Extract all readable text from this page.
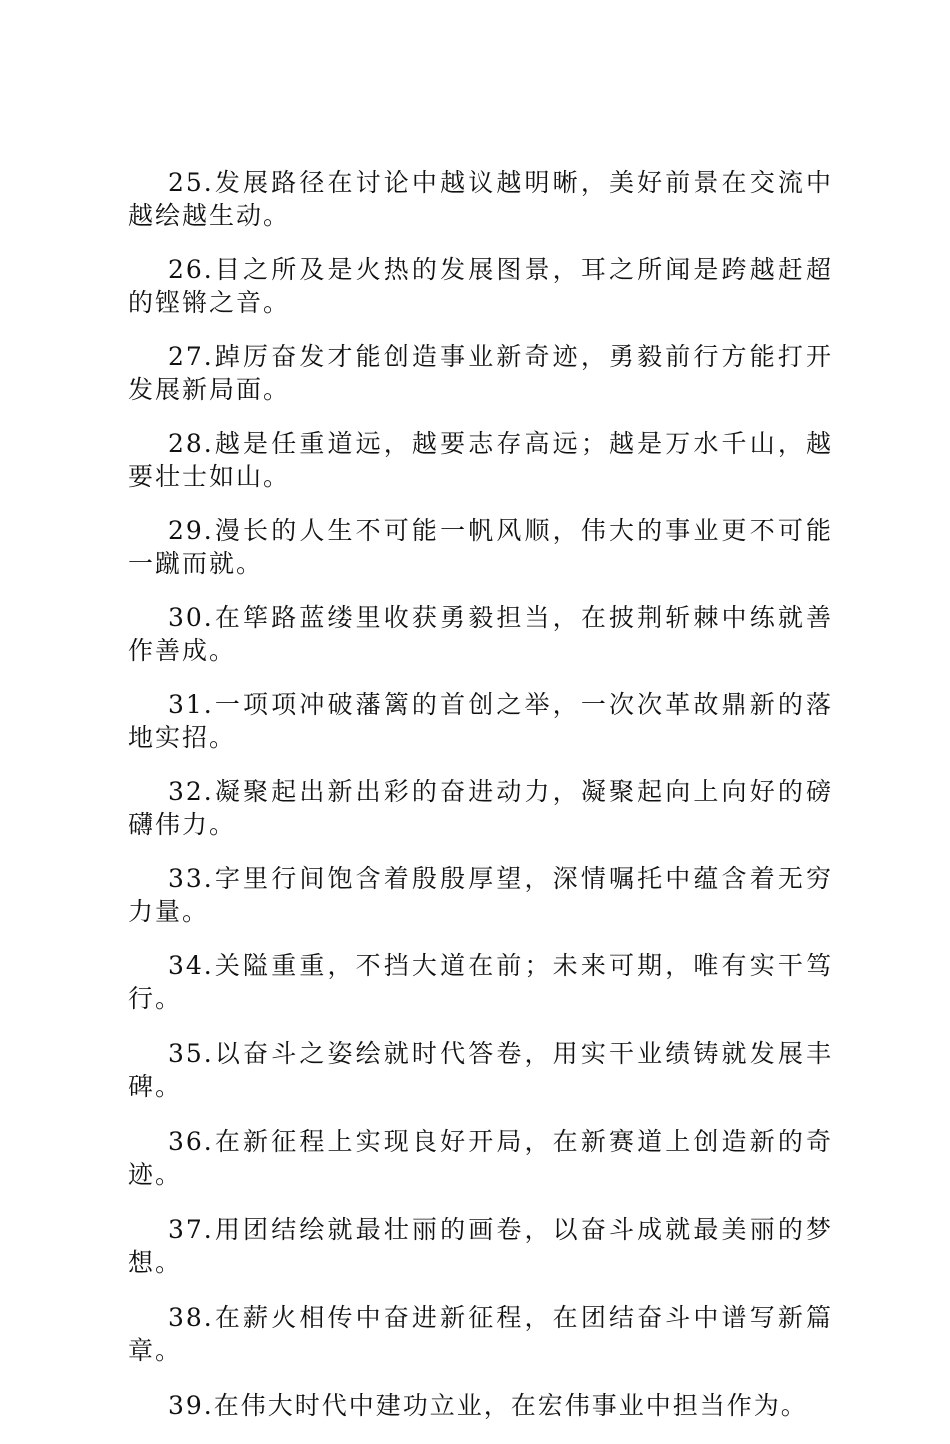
25.发展路径在讨论中越议越明晰，美好前景在交流中越绘越生动。

26.目之所及是火热的发展图景，耳之所闻是跨越赶超的铿锵之音。

27.踔厉奋发才能创造事业新奇迹，勇毅前行方能打开发展新局面。

28.越是任重道远，越要志存高远；越是万水千山，越要壮士如山。

29.漫长的人生不可能一帆风顺，伟大的事业更不可能一蹴而就。

30.在筚路蓝缕里收获勇毅担当，在披荆斩棘中练就善作善成。

31.一项项冲破藩篱的首创之举，一次次革故鼎新的落地实招。

32.凝聚起出新出彩的奋进动力，凝聚起向上向好的磅礴伟力。

33.字里行间饱含着殷殷厚望，深情嘱托中蕴含着无穷力量。

34.关隘重重，不挡大道在前；未来可期，唯有实干笃行。

35.以奋斗之姿绘就时代答卷，用实干业绩铸就发展丰碑。

36.在新征程上实现良好开局，在新赛道上创造新的奇迹。

37.用团结绘就最壮丽的画卷，以奋斗成就最美丽的梦想。

38.在薪火相传中奋进新征程，在团结奋斗中谱写新篇章。

39.在伟大时代中建功立业，在宏伟事业中担当作为。
